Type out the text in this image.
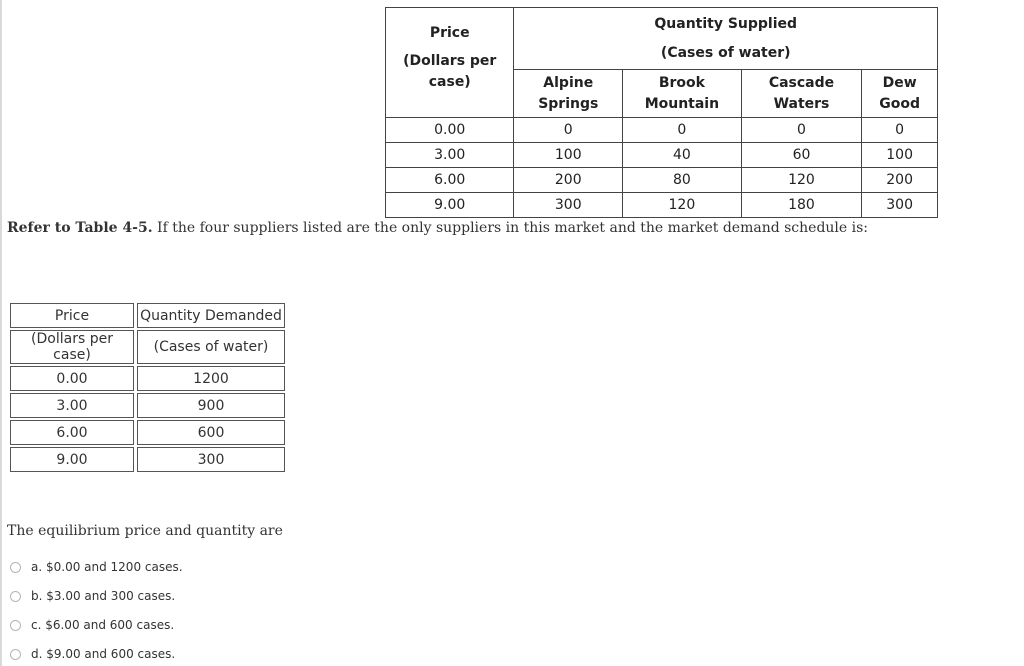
Price
(Dollars per case)	Quantity Supplied
(Cases of water)			

	Alpine Springs	Brook Mountain	Cascade Waters	Dew Good
0.00	0	0	0	0
3.00	100	40	60	100
6.00	200	80	120	200
9.00	300	120	180	300
Refer to Table 4-5. If the four suppliers listed are the only suppliers in this market and the market demand schedule is:
Price	Quantity Demanded
(Dollars per case)	(Cases of water)
0.00	1200
3.00	900
6.00	600
9.00	300
The equilibrium price and quantity are
a. $0.00 and 1200 cases.
b. $3.00 and 300 cases.
c. $6.00 and 600 cases.
d. $9.00 and 600 cases.
